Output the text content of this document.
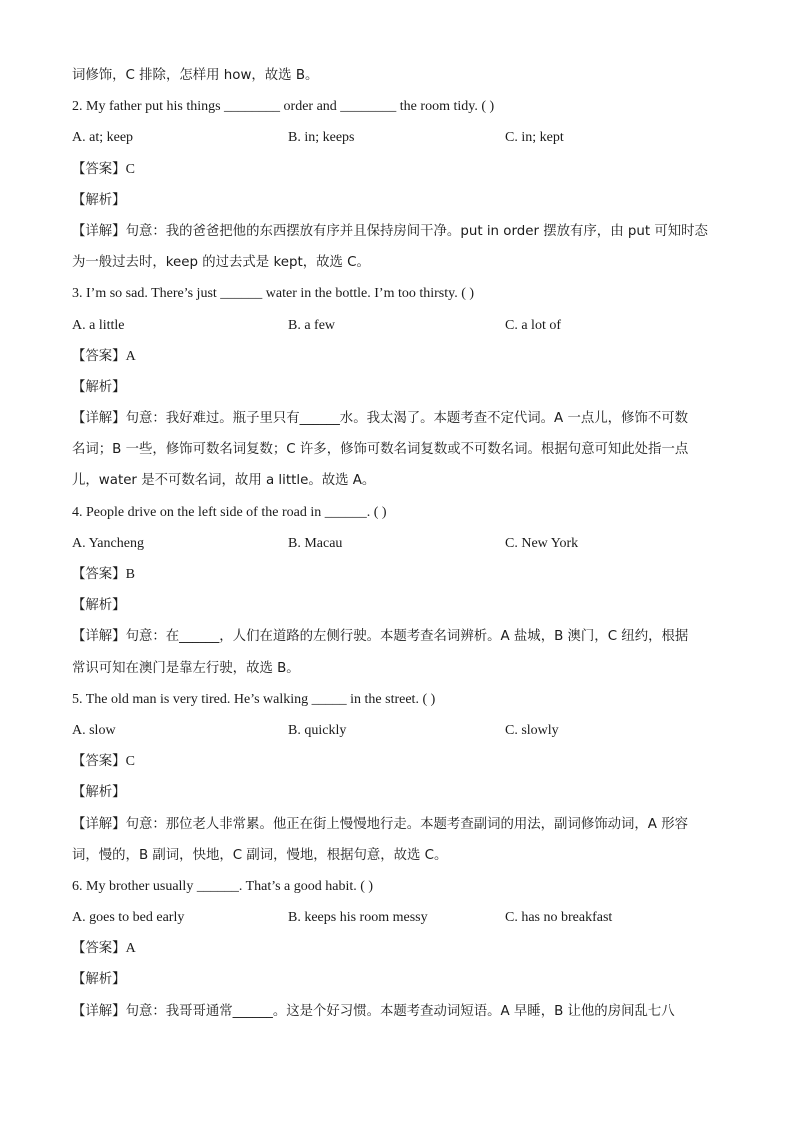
词修饰，C 排除，怎样用 how，故选 B。
2. My father put his things ________ order and ________ the room tidy. ( )
A. at; keep	B. in; keeps	C. in; kept
【答案】C
【解析】
【详解】句意：我的爸爸把他的东西摆放有序并且保持房间干净。put in order 摆放有序，由 put 可知时态
为一般过去时，keep 的过去式是 kept，故选 C。
3. I’m so sad. There’s just ______ water in the bottle. I’m too thirsty. ( )
A. a little	B. a few	C. a lot of
【答案】A
【解析】
【详解】句意：我好难过。瓶子里只有______水。我太渴了。本题考查不定代词。A 一点儿，修饰不可数
名词；B 一些，修饰可数名词复数；C 许多，修饰可数名词复数或不可数名词。根据句意可知此处指一点
儿，water 是不可数名词，故用 a little。故选 A。
4. People drive on the left side of the road in ______. ( )
A. Yancheng	B. Macau	C. New York
【答案】B
【解析】
【详解】句意：在______，人们在道路的左侧行驶。本题考查名词辨析。A 盐城，B 澳门，C 纽约，根据
常识可知在澳门是靠左行驶，故选 B。
5. The old man is very tired. He’s walking _____ in the street. ( )
A. slow	B. quickly	C. slowly
【答案】C
【解析】
【详解】句意：那位老人非常累。他正在街上慢慢地行走。本题考查副词的用法，副词修饰动词，A 形容
词，慢的，B 副词，快地，C 副词，慢地，根据句意，故选 C。
6. My brother usually ______. That’s a good habit. ( )
A. goes to bed early	B. keeps his room messy	C. has no breakfast
【答案】A
【解析】
【详解】句意：我哥哥通常______。这是个好习惯。本题考查动词短语。A 早睡，B 让他的房间乱七八
